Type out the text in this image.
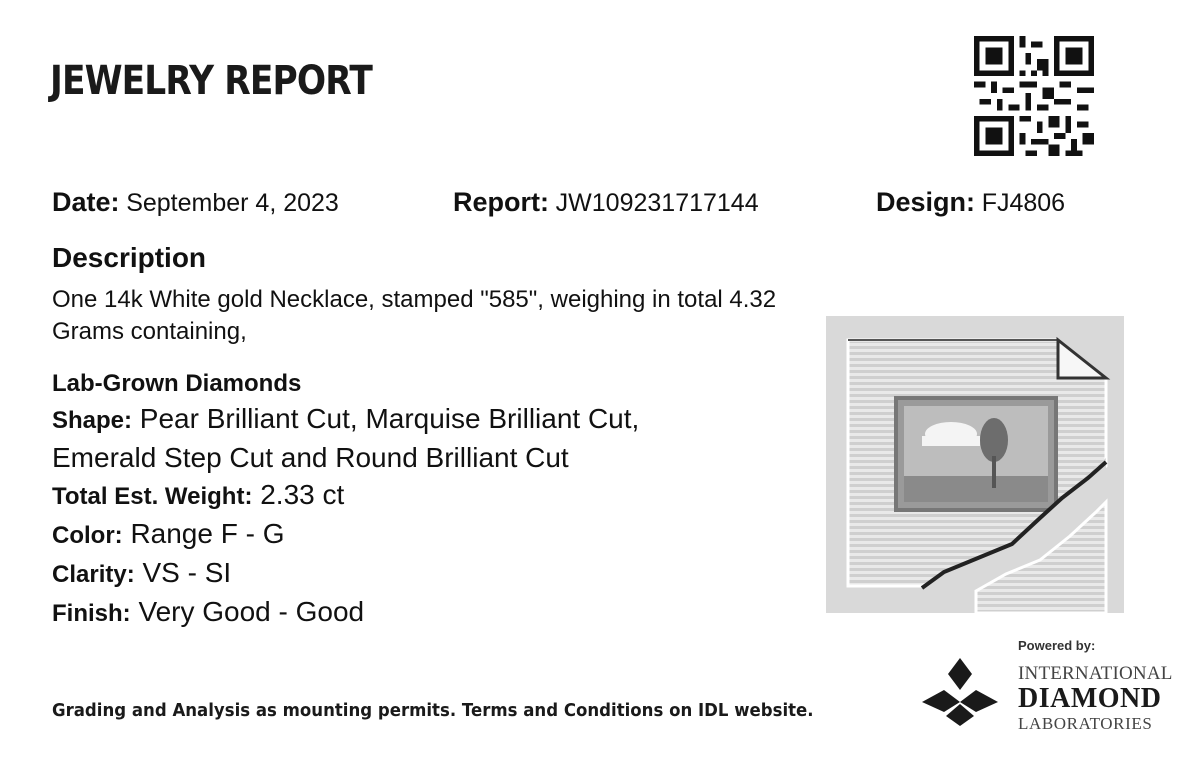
JEWELRY REPORT
Date: September 4, 2023	Report: JW109231717144	Design: FJ4806
Description
One 14k White gold Necklace, stamped "585", weighing in total 4.32 Grams containing,
Lab-Grown Diamonds
Shape: Pear Brilliant Cut, Marquise Brilliant Cut, Emerald Step Cut and Round Brilliant Cut
Total Est. Weight: 2.33 ct
Color: Range F - G
Clarity: VS - SI
Finish: Very Good - Good
Grading and Analysis as mounting permits. Terms and Conditions on IDL website.
Powered by:
INTERNATIONAL
DIAMOND
LABORATORIES
